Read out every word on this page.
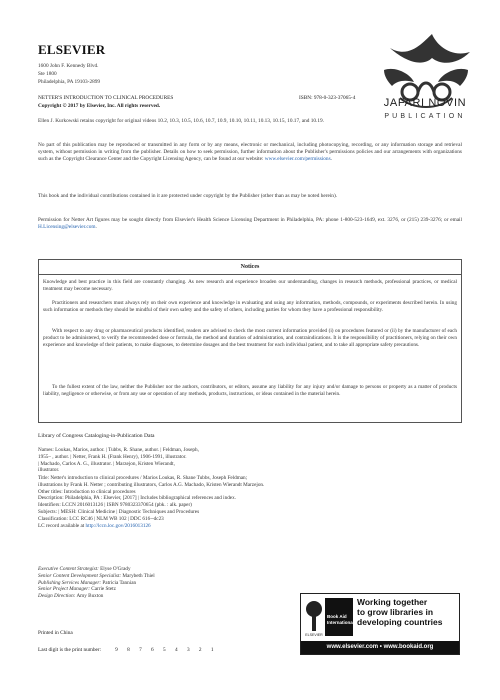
ELSEVIER
1600 John F. Kennedy Blvd.
Ste 1800
Philadelphia, PA 19103-2899
JAFARI NOVIN
PUBLICATION
NETTER'S INTRODUCTION TO CLINICAL PROCEDURES	ISBN: 978-0-323-37065-4
Copyright © 2017 by Elsevier, Inc. All rights reserved.
Ellen J. Kurkowski retains copyright for original videos 10.2, 10.3, 10.5, 10.6, 10.7, 10.9, 10.10, 10.11, 10.13, 10.15, 10.17, and 10.19.
No part of this publication may be reproduced or transmitted in any form or by any means, electronic or mechanical, including photocopying, recording, or any information storage and retrieval system, without permission in writing from the publisher. Details on how to seek permission, further information about the Publisher's permissions policies and our arrangements with organizations such as the Copyright Clearance Center and the Copyright Licensing Agency, can be found at our website: www.elsevier.com/permissions.
This book and the individual contributions contained in it are protected under copyright by the Publisher (other than as may be noted herein).
Permission for Netter Art figures may be sought directly from Elsevier's Health Science Licensing Department in Philadelphia, PA: phone 1-800-523-1649, ext. 3276, or (215) 239-3276; or email H.Licensing@elsevier.com.
Notices
Knowledge and best practice in this field are constantly changing. As new research and experience broaden our understanding, changes in research methods, professional practices, or medical treatment may become necessary.
Practitioners and researchers must always rely on their own experience and knowledge in evaluating and using any information, methods, compounds, or experiments described herein. In using such information or methods they should be mindful of their own safety and the safety of others, including parties for whom they have a professional responsibility.
With respect to any drug or pharmaceutical products identified, readers are advised to check the most current information provided (i) on procedures featured or (ii) by the manufacturer of each product to be administered, to verify the recommended dose or formula, the method and duration of administration, and contraindications. It is the responsibility of practitioners, relying on their own experience and knowledge of their patients, to make diagnoses, to determine dosages and the best treatment for each individual patient, and to take all appropriate safety precautions.
To the fullest extent of the law, neither the Publisher nor the authors, contributors, or editors, assume any liability for any injury and/or damage to persons or property as a matter of products liability, negligence or otherwise, or from any use or operation of any methods, products, instructions, or ideas contained in the material herein.
Library of Congress Cataloging-in-Publication Data
Names: Loukas, Marios, author. | Tubbs, R. Shane, author. | Feldman, Joseph,
1955– , author. | Netter, Frank H. (Frank Henry), 1906-1991, illustrator.
| Machado, Carlos A. G., illustrator. | Marzejon, Kristen Wierandt,
illustrator.
Title: Netter's introduction to clinical procedures / Marios Loukas, R. Shane Tubbs, Joseph Feldman;
illustrations by Frank H. Netter ; contributing illustrators, Carlos A.G. Machado, Kristen Wierandt Marzejon.
Other titles: Introduction to clinical procedures
Description: Philadelphia, PA : Elsevier, [2017] | Includes bibliographical references and index.
Identifiers: LCCN 2016013126 | ISBN 9780323370654 (pbk. : alk. paper)
Subjects: | MESH: Clinical Medicine | Diagnostic Techniques and Procedures
Classification: LCC RC46 | NLM WB 102 | DDC 616--dc23
LC record available at http://lccn.loc.gov/2016013126
Executive Content Strategist: Elyse O'Grady
Senior Content Development Specialist: Marybeth Thiel
Publishing Services Manager: Patricia Tannian
Senior Project Manager: Carrie Stetz
Design Direction: Amy Buxton
ELSEVIER
Book Aid
International
Working together
to grow libraries in
developing countries
www.elsevier.com • www.bookaid.org
Printed in China
Last digit is the print number:	9 8 7 6 5 4 3 2 1
